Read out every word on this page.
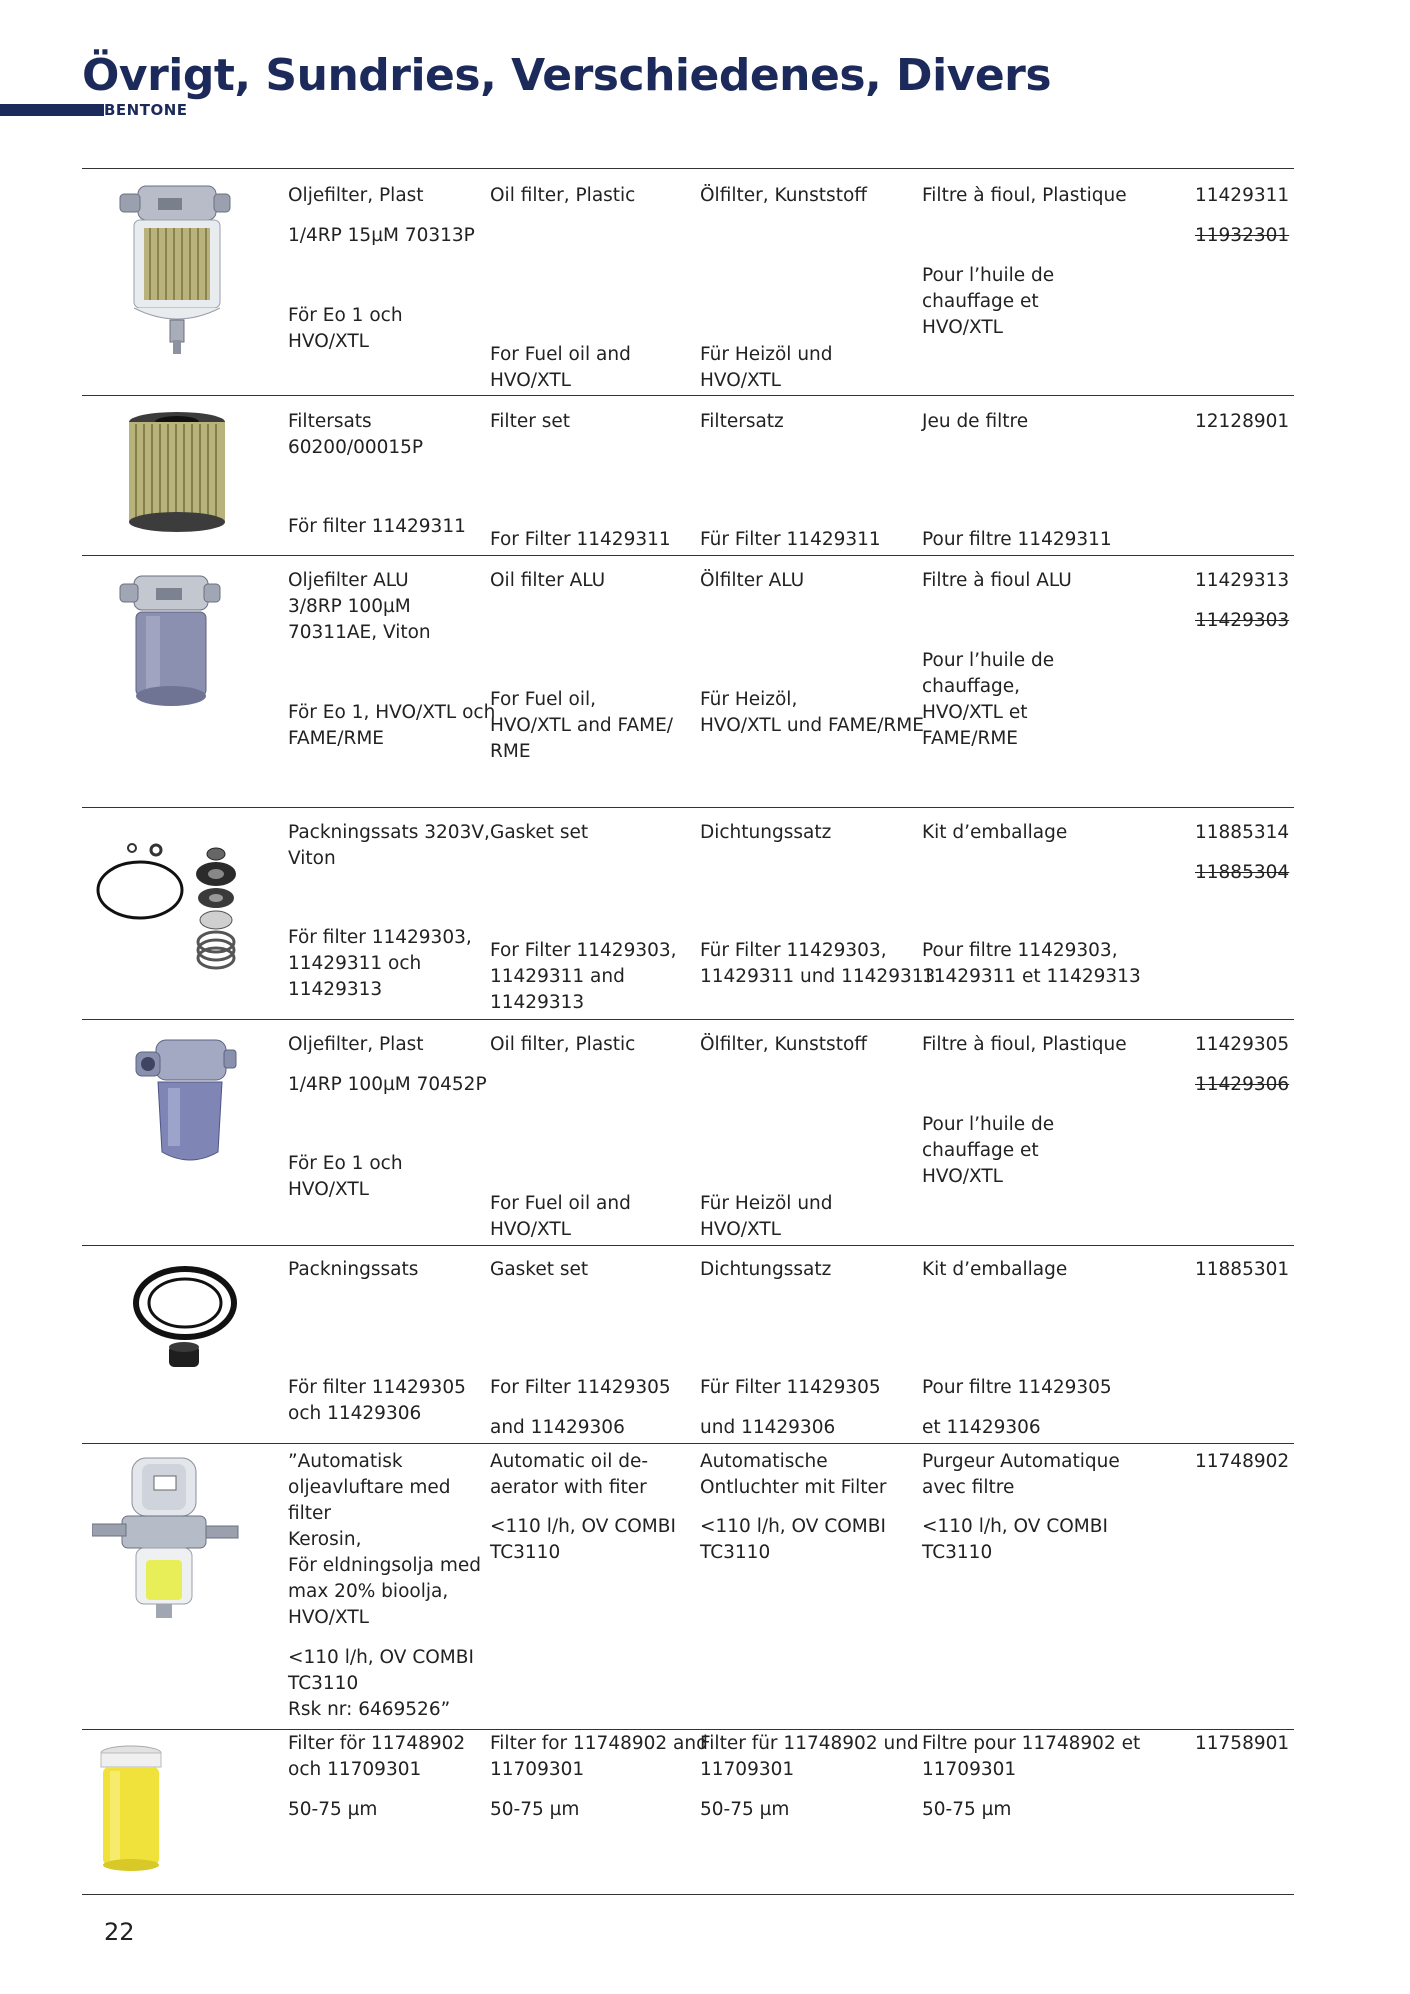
Övrigt, Sundries, Verschiedenes, Divers
BENTONE
Oljefilter, Plast
1/4RP 15µM 70313P
För Eo 1 och
HVO/XTL
Oil filter, Plastic
For Fuel oil and
HVO/XTL
Ölfilter, Kunststoff
Für Heizöl und
HVO/XTL
Filtre à fioul, Plastique
Pour l’huile de
chauffage et
HVO/XTL
11429311
11932301
Filtersats
60200/00015P
För filter 11429311
Filter set
For Filter 11429311
Filtersatz
Für Filter 11429311
Jeu de filtre
Pour filtre 11429311
12128901
Oljefilter ALU
3/8RP 100µM
70311AE, Viton
För Eo 1, HVO/XTL och
FAME/RME
Oil filter ALU
For Fuel oil,
HVO/XTL and FAME/
RME
Ölfilter ALU
Für Heizöl,
HVO/XTL und FAME/RME
Filtre à fioul ALU
Pour l’huile de
chauffage,
HVO/XTL et
FAME/RME
11429313
11429303
Packningssats 3203V,
Viton
För filter 11429303,
11429311 och
11429313
Gasket set
For Filter 11429303,
11429311 and
11429313
Dichtungssatz
Für Filter 11429303,
11429311 und 11429313
Kit d’emballage
Pour filtre 11429303,
11429311 et 11429313
11885314
11885304
Oljefilter, Plast
1/4RP 100µM 70452P
För Eo 1 och
HVO/XTL
Oil filter, Plastic
For Fuel oil and
HVO/XTL
Ölfilter, Kunststoff
Für Heizöl und
HVO/XTL
Filtre à fioul, Plastique
Pour l’huile de
chauffage et
HVO/XTL
11429305
11429306
Packningssats
För filter 11429305
och 11429306
Gasket set
For Filter 11429305
and 11429306
Dichtungssatz
Für Filter 11429305
und 11429306
Kit d’emballage
Pour filtre 11429305
et 11429306
11885301
”Automatisk
oljeavluftare med
filter
Kerosin,
För eldningsolja med
max 20% bioolja,
HVO/XTL
<110 l/h, OV COMBI
TC3110
Rsk nr: 6469526”
Automatic oil de-
aerator with fiter
<110 l/h, OV COMBI
TC3110
Automatische
Ontluchter mit Filter
<110 l/h, OV COMBI
TC3110
Purgeur Automatique
avec filtre
<110 l/h, OV COMBI
TC3110
11748902
Filter för 11748902
och 11709301
50-75 µm
Filter for 11748902 and
11709301
50-75 µm
Filter für 11748902 und
11709301
50-75 µm
Filtre pour 11748902 et
11709301
50-75 µm
11758901
22
